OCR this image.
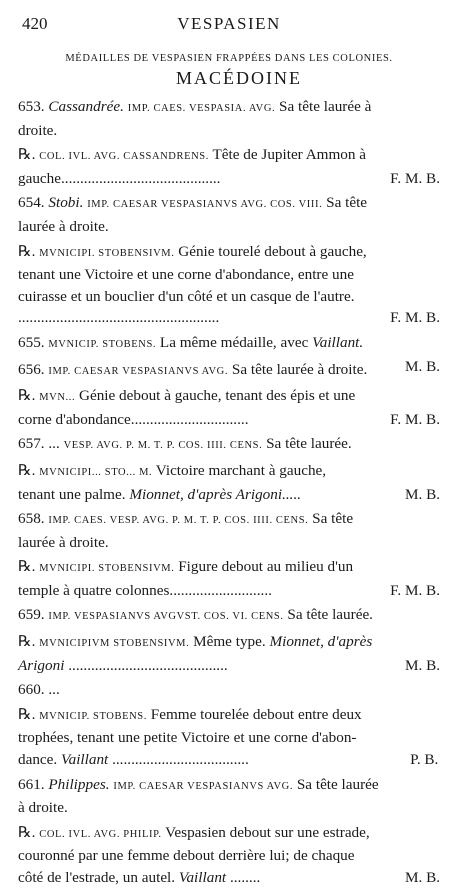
420	VESPASIEN
MÉDAILLES DE VESPASIEN FRAPPÉES DANS LES COLONIES.
MACÉDOINE
653. Cassandrée. IMP. CAES. VESPASIA. AVG. Sa tête laurée à
droite.
℞. COL. IVL. AVG. CASSANDRENS. Tête de Jupiter Ammon à
F. M. B.
gauche..........................................
654. Stobi. IMP. CAESAR VESPASIANVS AVG. COS. VIII. Sa tête
laurée à droite.
℞. MVNICIPI. STOBENSIVM. Génie tourelé debout à gauche,
tenant une Victoire et une corne d'abondance, entre une
cuirasse et un bouclier d'un côté et un casque de l'autre.
F. M. B.
.....................................................
655. MVNICIP. STOBENS. La même médaille, avec Vaillant.
M. B.
656. IMP. CAESAR VESPASIANVS AVG. Sa tête laurée à droite.
℞. MVN... Génie debout à gauche, tenant des épis et une
F. M. B.
corne d'abondance...............................
657. ... VESP. AVG. P. M. T. P. COS. IIII. CENS. Sa tête laurée.
℞. MVNICIPI... STO... M. Victoire marchant à gauche,
M. B.
tenant une palme. Mionnet, d'après Arigoni.....
658. IMP. CAES. VESP. AVG. P. M. T. P. COS. IIII. CENS. Sa tête
laurée à droite.
℞. MVNICIPI. STOBENSIVM. Figure debout au milieu d'un
F. M. B.
temple à quatre colonnes...........................
659. IMP. VESPASIANVS AVGVST. COS. VI. CENS. Sa tête laurée.
℞. MVNICIPIVM STOBENSIVM. Même type. Mionnet, d'après
M. B.
Arigoni ..........................................
660. ...
℞. MVNICIP. STOBENS. Femme tourelée debout entre deux
trophées, tenant une petite Victoire et une corne d'abon-
P. B.
dance. Vaillant ....................................
661. Philippes. IMP. CAESAR VESPASIANVS AVG. Sa tête laurée
à droite.
℞. COL. IVL. AVG. PHILIP. Vespasien debout sur une estrade,
couronné par une femme debout derrière lui; de chaque
M. B.
côté de l'estrade, un autel. Vaillant ........
